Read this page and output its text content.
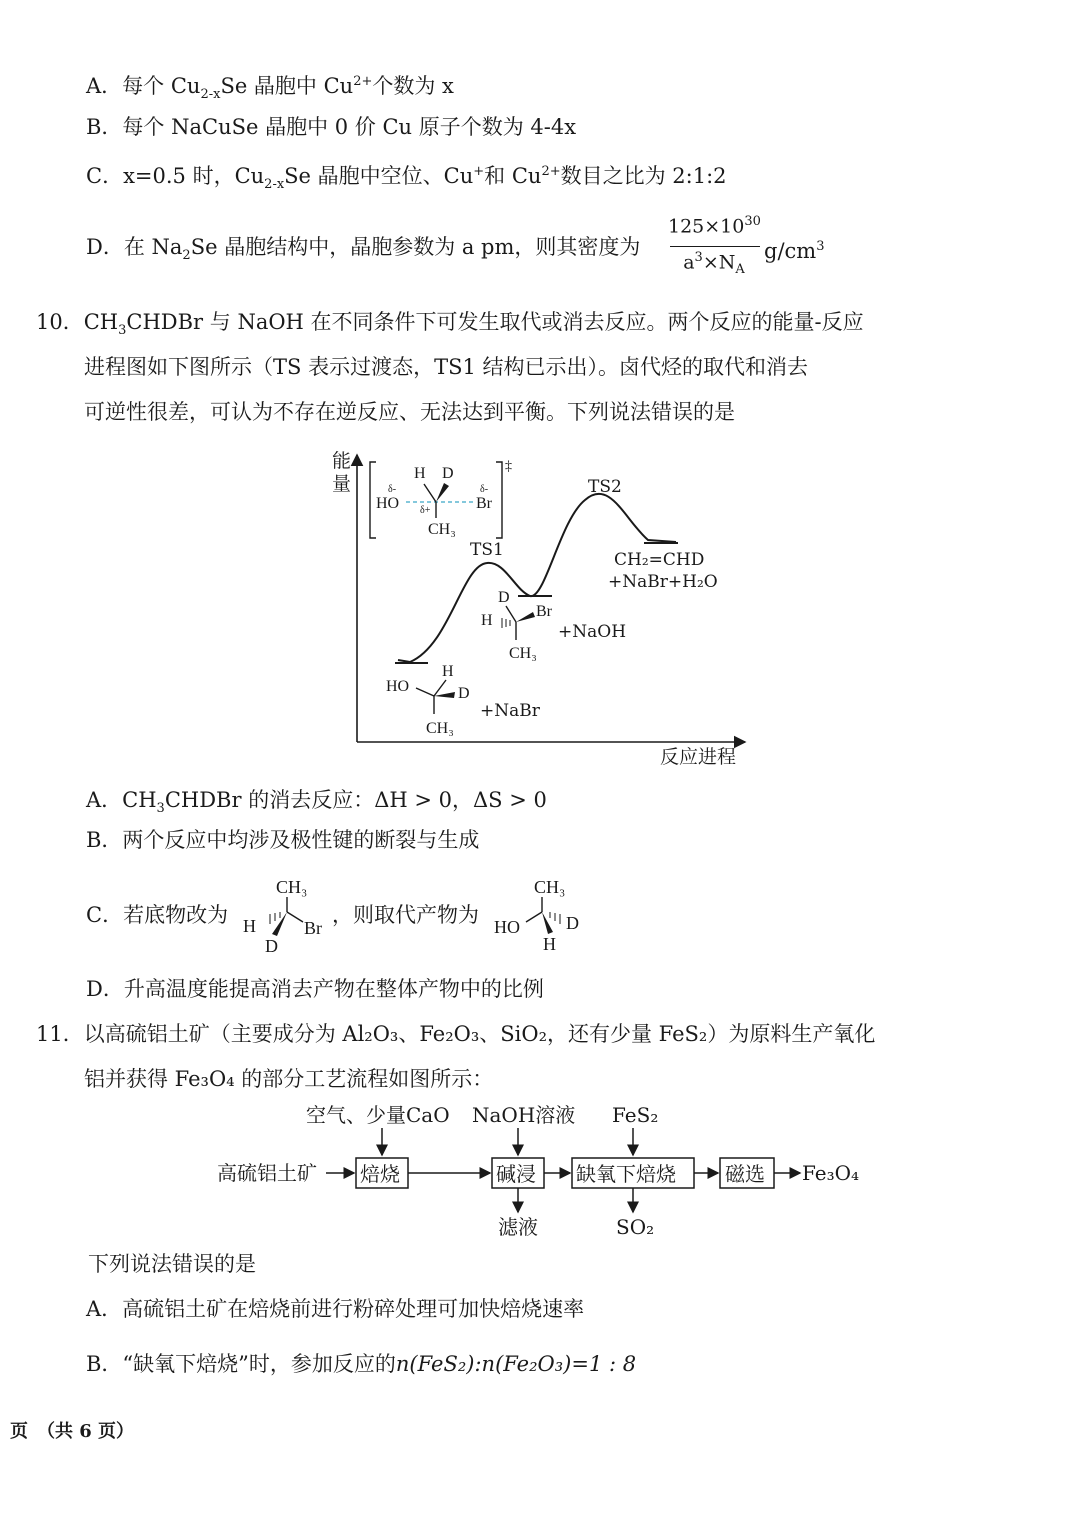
A．每个 $Cu_{2-x}Se$ 晶胞中 $Cu^{2+}$个数为 x
B．每个 NaCuSe 晶胞中 0 价 Cu 原子个数为 4-4x
C．x=0.5 时，$Cu_{2-x}Se$ 晶胞中空位、Cu+和 $Cu^{2+}$数目之比为 2:1:2
D．在 $Na_2Se$ 晶胞结构中，晶胞参数为 a pm，则其密度为
$125\times 10^{30}$
$a^3\times N_A$
$g/cm^3$
10．$CH_3CHDBr$ 与 NaOH 在不同条件下可发生取代或消去反应。两个反应的能量-反应
进程图如下图所示（TS 表示过渡态，TS1 结构已示出）。卤代烃的取代和消去
可逆性很差，可认为不存在逆反应、无法达到平衡。下列说法错误的是
能
量
反应进程
TS1
TS2
CH₂=CHD
+NaBr+H₂O
‡
H D
HO	Br
CH₃
δ-	δ-
δ+
D
Br
H
CH₃
+NaOH
H
HO	D
CH₃
+NaBr
CH₃
H	Br
D
CH₃
HO	D
H
高硫铝土矿 焙烧	碱浸 缺氧下焙烧 磁选 Fe₃O₄
空气、少量CaO NaOH溶液 FeS₂
滤液	SO₂
A．$CH_3CHDBr$ 的消去反应：ΔH > 0，ΔS > 0
B．两个反应中均涉及极性键的断裂与生成
C．若底物改为	，则取代产物为
D．升高温度能提高消去产物在整体产物中的比例
11．以高硫铝土矿（主要成分为 Al₂O₃、Fe₂O₃、SiO₂，还有少量 FeS₂）为原料生产氧化
铝并获得 Fe₃O₄ 的部分工艺流程如图所示：
下列说法错误的是
A．高硫铝土矿在焙烧前进行粉碎处理可加快焙烧速率
B．“缺氧下焙烧”时，参加反应的n(FeS₂):n(Fe₂O₃)=1 : 8
页　（共 6 页）
